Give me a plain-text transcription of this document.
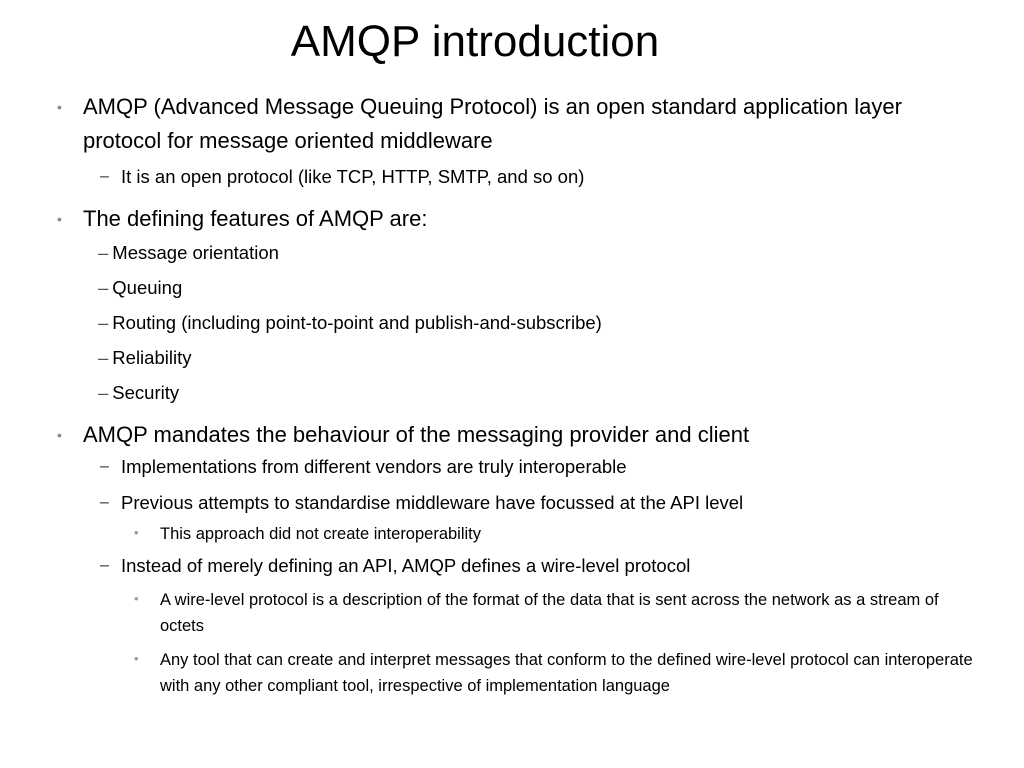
AMQP introduction
• AMQP (Advanced Message Queuing Protocol) is an open standard application layer protocol for message oriented middleware
− It is an open protocol (like TCP, HTTP, SMTP, and so on)
• The defining features of AMQP are:
– Message orientation
– Queuing
– Routing (including point-to-point and publish-and-subscribe)
– Reliability
– Security
• AMQP mandates the behaviour of the messaging provider and client
− Implementations from different vendors are truly interoperable
− Previous attempts to standardise middleware have focussed at the API level
• This approach did not create interoperability
− Instead of merely defining an API, AMQP defines a wire-level protocol
• A wire-level protocol is a description of the format of the data that is sent across the network as a stream of octets
• Any tool that can create and interpret messages that conform to the defined wire-level protocol can interoperate with any other compliant tool, irrespective of implementation language
